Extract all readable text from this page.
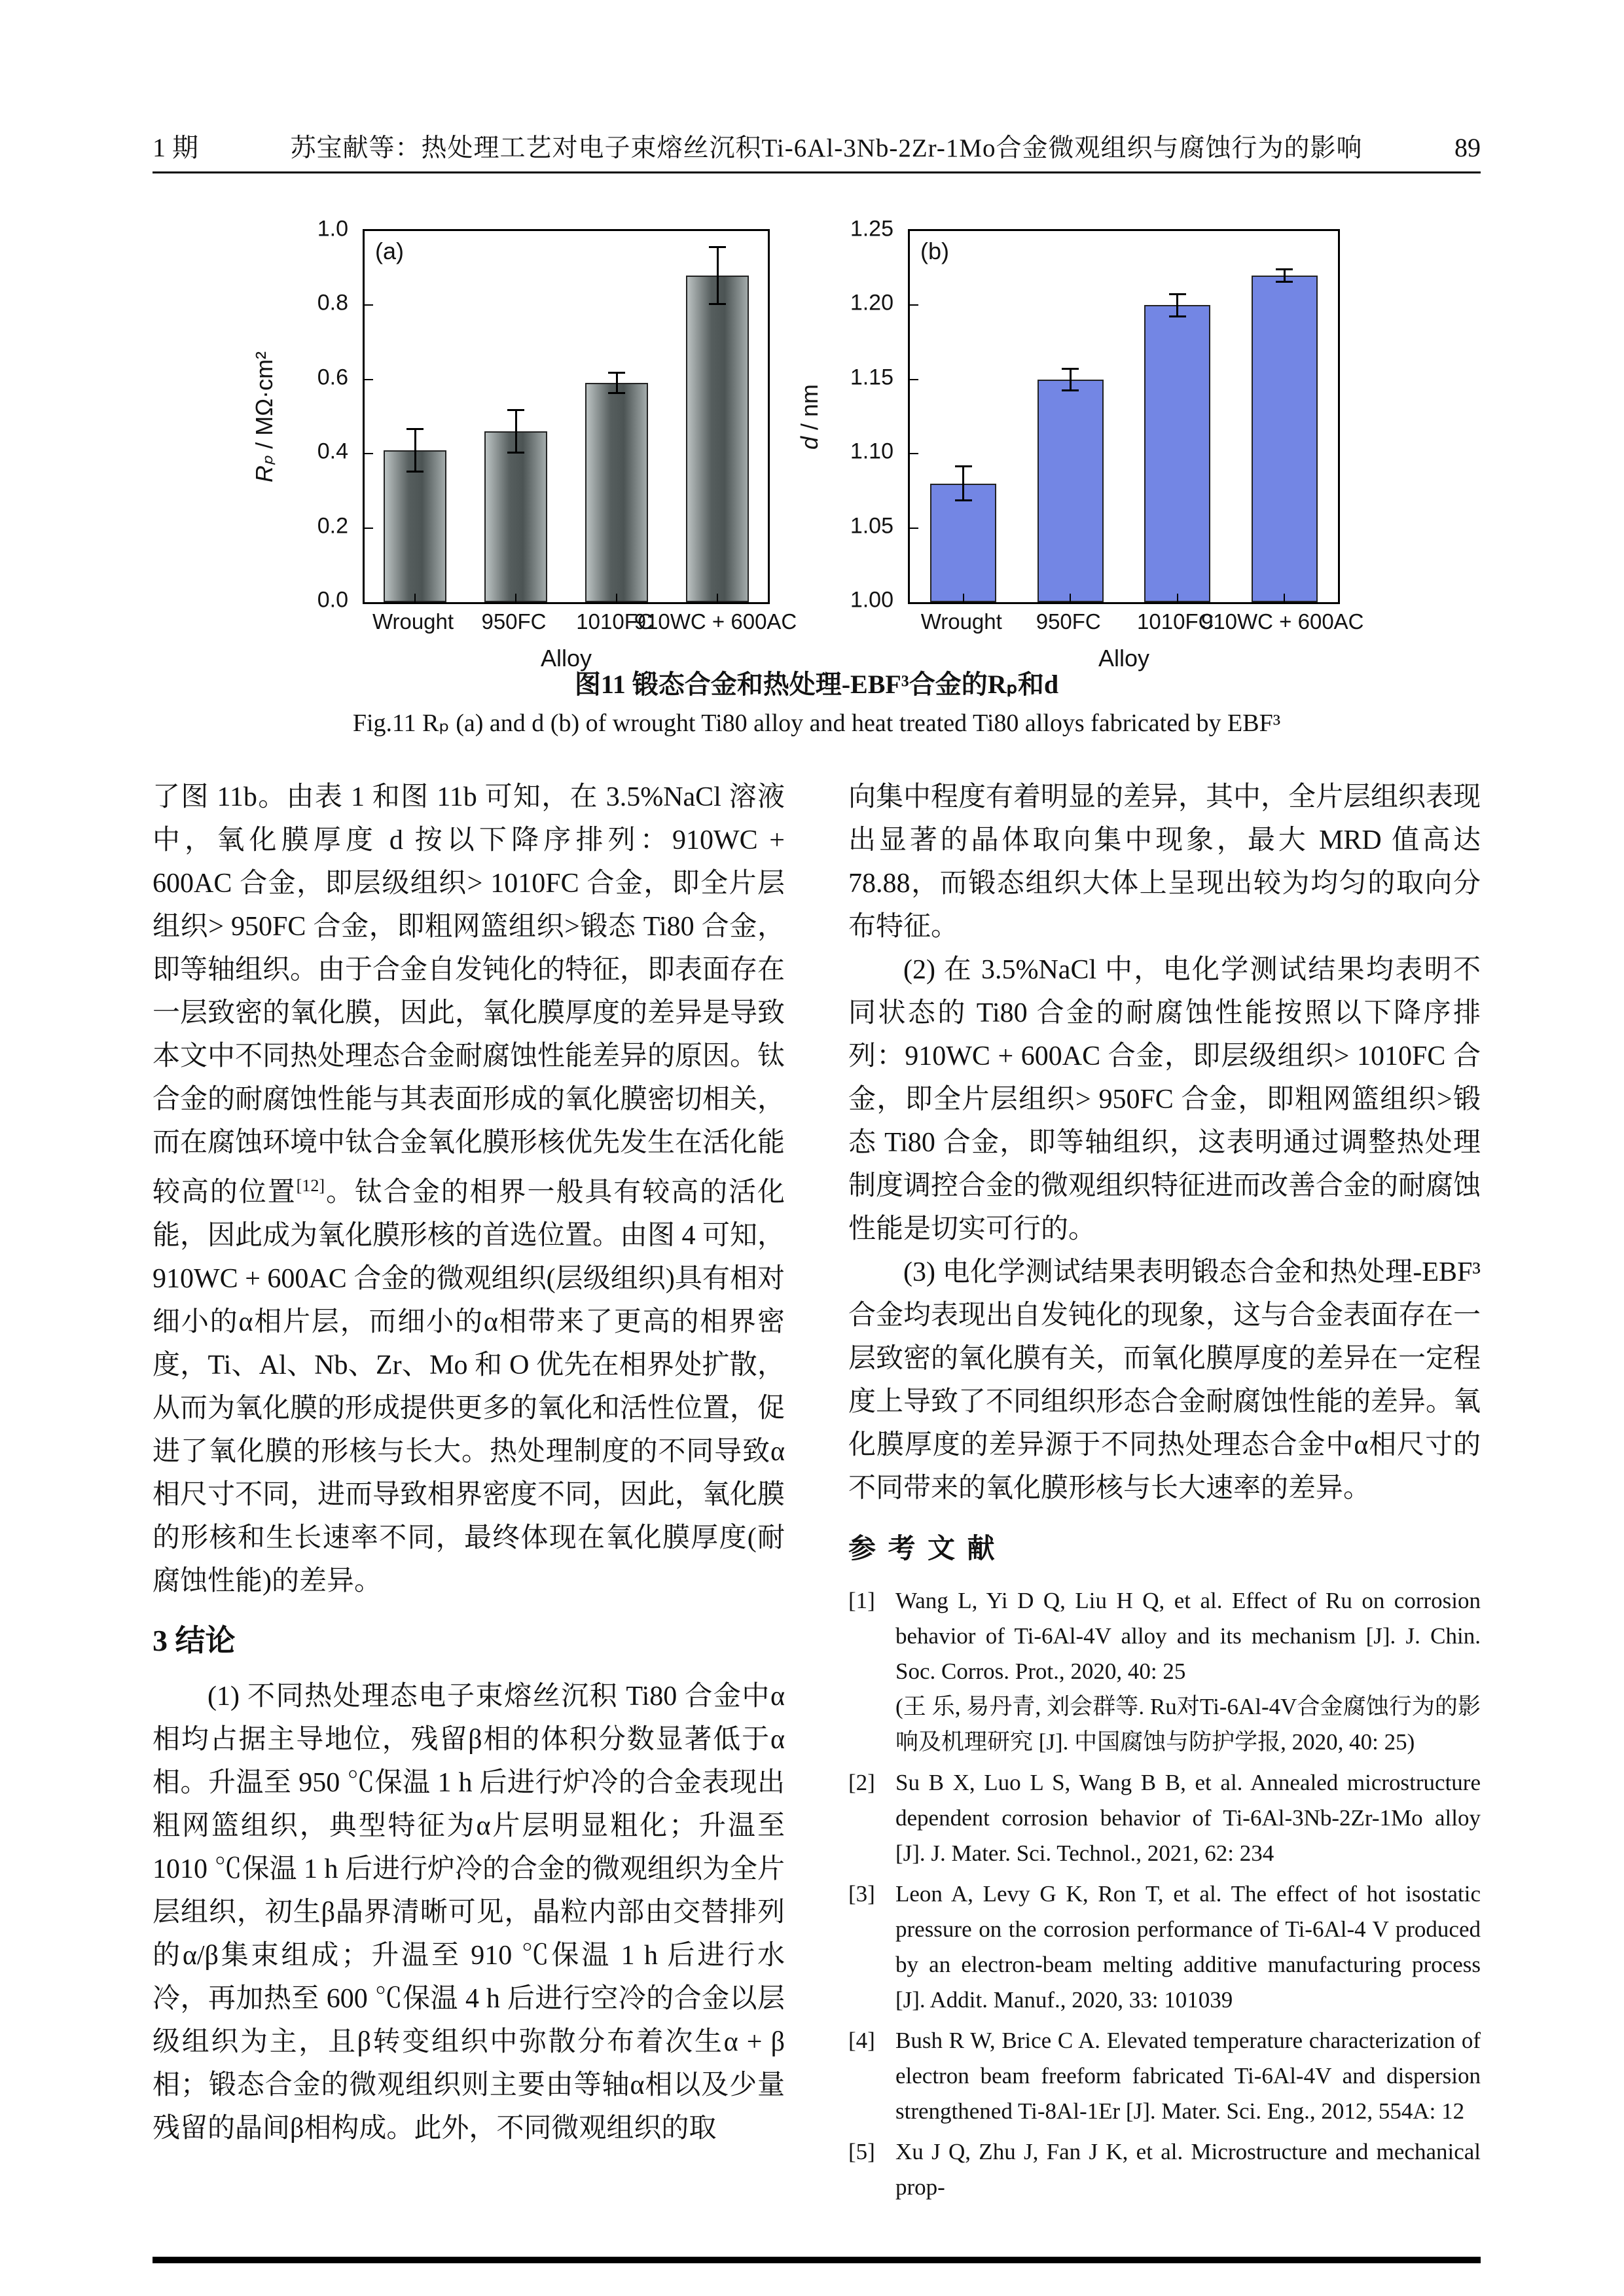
1 期	苏宝献等：热处理工艺对电子束熔丝沉积Ti-6Al-3Nb-2Zr-1Mo合金微观组织与腐蚀行为的影响	89
Rₚ / MΩ·cm²
0.0
0.2
0.4
0.6
0.8
1.0
(a)
Wrought 950FC 1010FC
910WC + 600AC
Alloy
d / nm
1.00
1.05
1.10
1.15
1.20
1.25
(b)
Wrought 950FC 1010FC
910WC + 600AC
Alloy
图11 锻态合金和热处理-EBF³合金的Rₚ和d
Fig.11 Rₚ (a) and d (b) of wrought Ti80 alloy and heat treated Ti80 alloys fabricated by EBF³

了图 11b。由表 1 和图 11b 可知，在 3.5%NaCl 溶液中，氧化膜厚度 d 按以下降序排列：910WC + 600AC 合金，即层级组织> 1010FC 合金，即全片层组织> 950FC 合金，即粗网篮组织>锻态 Ti80 合金，即等轴组织。由于合金自发钝化的特征，即表面存在一层致密的氧化膜，因此，氧化膜厚度的差异是导致本文中不同热处理态合金耐腐蚀性能差异的原因。钛合金的耐腐蚀性能与其表面形成的氧化膜密切相关，而在腐蚀环境中钛合金氧化膜形核优先发生在活化能较高的位置[12]。钛合金的相界一般具有较高的活化能，因此成为氧化膜形核的首选位置。由图 4 可知，910WC + 600AC 合金的微观组织(层级组织)具有相对细小的α相片层，而细小的α相带来了更高的相界密度，Ti、Al、Nb、Zr、Mo 和 O 优先在相界处扩散，从而为氧化膜的形成提供更多的氧化和活性位置，促进了氧化膜的形核与长大。热处理制度的不同导致α相尺寸不同，进而导致相界密度不同，因此，氧化膜的形核和生长速率不同，最终体现在氧化膜厚度(耐腐蚀性能)的差异。

3 结论

(1) 不同热处理态电子束熔丝沉积 Ti80 合金中α相均占据主导地位，残留β相的体积分数显著低于α相。升温至 950 ℃保温 1 h 后进行炉冷的合金表现出粗网篮组织，典型特征为α片层明显粗化；升温至 1010 ℃保温 1 h 后进行炉冷的合金的微观组织为全片层组织，初生β晶界清晰可见，晶粒内部由交替排列的α/β集束组成；升温至 910 ℃保温 1 h 后进行水冷，再加热至 600 ℃保温 4 h 后进行空冷的合金以层级组织为主，且β转变组织中弥散分布着次生α + β相；锻态合金的微观组织则主要由等轴α相以及少量残留的晶间β相构成。此外，不同微观组织的取

向集中程度有着明显的差异，其中，全片层组织表现出显著的晶体取向集中现象，最大 MRD 值高达 78.88，而锻态组织大体上呈现出较为均匀的取向分布特征。

(2) 在 3.5%NaCl 中，电化学测试结果均表明不同状态的 Ti80 合金的耐腐蚀性能按照以下降序排列：910WC + 600AC 合金，即层级组织> 1010FC 合金，即全片层组织> 950FC 合金，即粗网篮组织>锻态 Ti80 合金，即等轴组织，这表明通过调整热处理制度调控合金的微观组织特征进而改善合金的耐腐蚀性能是切实可行的。

(3) 电化学测试结果表明锻态合金和热处理-EBF³合金均表现出自发钝化的现象，这与合金表面存在一层致密的氧化膜有关，而氧化膜厚度的差异在一定程度上导致了不同组织形态合金耐腐蚀性能的差异。氧化膜厚度的差异源于不同热处理态合金中α相尺寸的不同带来的氧化膜形核与长大速率的差异。

参 考 文 献
[1] Wang L, Yi D Q, Liu H Q, et al. Effect of Ru on corrosion behavior of Ti-6Al-4V alloy and its mechanism [J]. J. Chin. Soc. Corros. Prot., 2020, 40: 25
(王 乐, 易丹青, 刘会群等. Ru对Ti-6Al-4V合金腐蚀行为的影响及机理研究 [J]. 中国腐蚀与防护学报, 2020, 40: 25)
[2] Su B X, Luo L S, Wang B B, et al. Annealed microstructure dependent corrosion behavior of Ti-6Al-3Nb-2Zr-1Mo alloy [J]. J. Mater. Sci. Technol., 2021, 62: 234
[3] Leon A, Levy G K, Ron T, et al. The effect of hot isostatic pressure on the corrosion performance of Ti-6Al-4 V produced by an electron-beam melting additive manufacturing process [J]. Addit. Manuf., 2020, 33: 101039
[4] Bush R W, Brice C A. Elevated temperature characterization of electron beam freeform fabricated Ti-6Al-4V and dispersion strengthened Ti-8Al-1Er [J]. Mater. Sci. Eng., 2012, 554A: 12
[5] Xu J Q, Zhu J, Fan J K, et al. Microstructure and mechanical prop-
